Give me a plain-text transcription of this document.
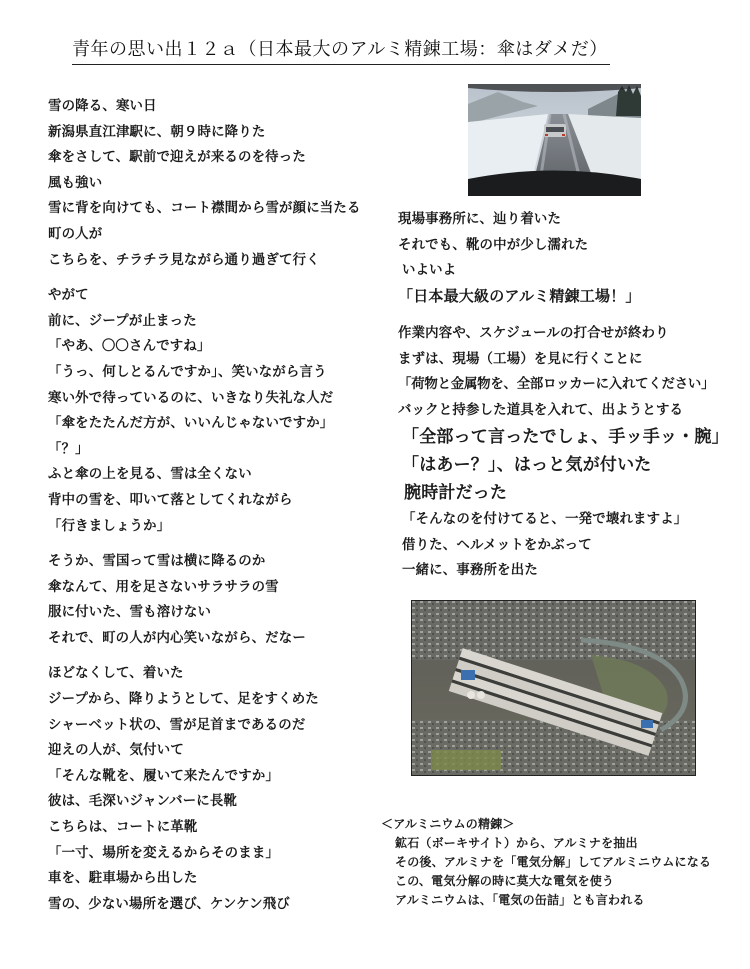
青年の思い出１２ａ（日本最大のアルミ精錬工場：傘はダメだ）
雪の降る、寒い日
新潟県直江津駅に、朝９時に降りた
傘をさして、駅前で迎えが来るのを待った
風も強い
雪に背を向けても、コート襟間から雪が顔に当たる
町の人が
こちらを、チラチラ見ながら通り過ぎて行く
やがて
前に、ジープが止まった
「やあ、〇〇さんですね」
「うっ、何しとるんですか」、笑いながら言う
寒い外で待っているのに、いきなり失礼な人だ
「傘をたたんだ方が、いいんじゃないですか」
「？」
ふと傘の上を見る、雪は全くない
背中の雪を、叩いて落としてくれながら
「行きましょうか」
そうか、雪国って雪は横に降るのか
傘なんて、用を足さないサラサラの雪
服に付いた、雪も溶けない
それで、町の人が内心笑いながら、だなー
ほどなくして、着いた
ジープから、降りようとして、足をすくめた
シャーベット状の、雪が足首まであるのだ
迎えの人が、気付いて
「そんな靴を、履いて来たんですか」
彼は、毛深いジャンバーに長靴
こちらは、コートに革靴
「一寸、場所を変えるからそのまま」
車を、駐車場から出した
雪の、少ない場所を選び、ケンケン飛び
現場事務所に、辿り着いた
それでも、靴の中が少し濡れた
いよいよ
「日本最大級のアルミ精錬工場！」
作業内容や、スケジュールの打合せが終わり
まずは、現場（工場）を見に行くことに
「荷物と金属物を、全部ロッカーに入れてください」
バックと持参した道具を入れて、出ようとする
「全部って言ったでしょ、手ッ手ッ・腕」
「はあー？」、はっと気が付いた
腕時計だった
「そんなのを付けてると、一発で壊れますよ」
借りた、ヘルメットをかぶって
一緒に、事務所を出た
＜アルミニウムの精錬＞
鉱石（ボーキサイト）から、アルミナを抽出
その後、アルミナを「電気分解」してアルミニウムになる
この、電気分解の時に莫大な電気を使う
アルミニウムは、「電気の缶詰」とも言われる
